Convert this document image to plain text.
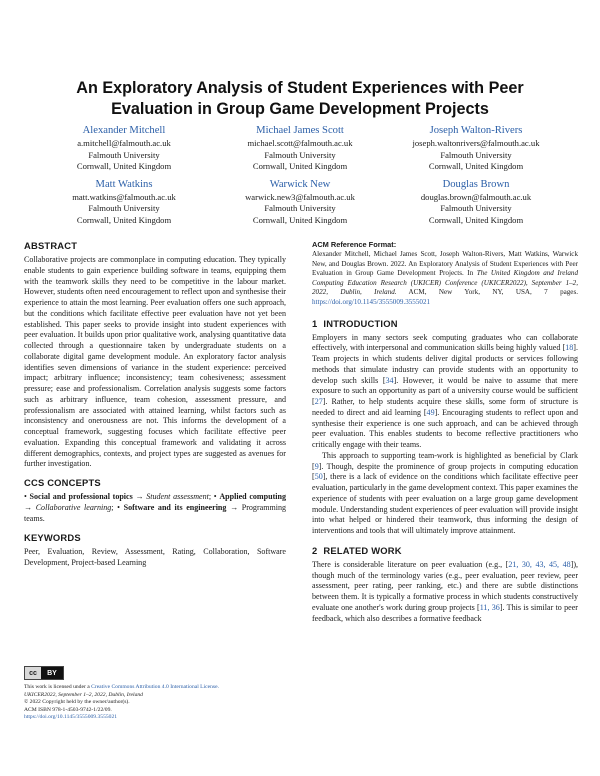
An Exploratory Analysis of Student Experiences with Peer
Evaluation in Group Game Development Projects
Alexander Mitchell
a.mitchell@falmouth.ac.uk
Falmouth University
Cornwall, United Kingdom
Michael James Scott
michael.scott@falmouth.ac.uk
Falmouth University
Cornwall, United Kingdom
Joseph Walton-Rivers
joseph.waltonrivers@falmouth.ac.uk
Falmouth University
Cornwall, United Kingdom
Matt Watkins
matt.watkins@falmouth.ac.uk
Falmouth University
Cornwall, United Kingdom
Warwick New
warwick.new3@falmouth.ac.uk
Falmouth University
Cornwall, United Kingdom
Douglas Brown
douglas.brown@falmouth.ac.uk
Falmouth University
Cornwall, United Kingdom
ABSTRACT
Collaborative projects are commonplace in computing education. They typically enable students to gain experience building software in teams, equipping them with the teamwork skills they need to be competitive in the labour market. However, students often need encouragement to reflect upon and synthesise their experience to attain the most learning. Peer evaluation offers one such approach, but the conditions which facilitate effective peer evaluation have not yet been established. This paper seeks to provide insight into student experiences with peer evaluation. It builds upon prior qualitative work, analysing quantitative data collected through a questionnaire taken by undergraduate students on a collaborate digital game development module. An exploratory factor analysis identifies seven dimensions of variance in the student experience: perceived impact; arbitrary influence; inconsistency; team cohesiveness; assessment pressure; ease and professionalism. Correlation analysis suggests some factors such as arbitrary influence, team cohesion, assessment pressure, and professionalism are associated with attained learning, whilst factors such as inconsistency and onerousness are not. This informs the development of a conceptual framework, suggesting focuses which facilitate effective peer evaluation. Expanding this conceptual framework and validating it across different demographics, contexts, and project types are suggested as avenues for further investigation.
CCS CONCEPTS
• Social and professional topics → Student assessment; • Applied computing → Collaborative learning; • Software and its engineering → Programming teams.
KEYWORDS
Peer, Evaluation, Review, Assessment, Rating, Collaboration, Software Development, Project-based Learning
cc	BY
This work is licensed under a Creative Commons Attribution 4.0 International License.
UKICER2022, September 1–2, 2022, Dublin, Ireland
© 2022 Copyright held by the owner/author(s).
ACM ISBN 978-1-4503-9742-1/22/09.
https://doi.org/10.1145/3555009.3555021
ACM Reference Format:
Alexander Mitchell, Michael James Scott, Joseph Walton-Rivers, Matt Watkins, Warwick New, and Douglas Brown. 2022. An Exploratory Analysis of Student Experiences with Peer Evaluation in Group Game Development Projects. In The United Kingdom and Ireland Computing Education Research (UKICER) Conference (UKICER2022), September 1–2, 2022, Dublin, Ireland. ACM, New York, NY, USA, 7 pages. https://doi.org/10.1145/3555009.3555021
1 INTRODUCTION
Employers in many sectors seek computing graduates who can collaborate effectively, with interpersonal and communication skills being highly valued [18]. Team projects in which students deliver digital products or services following methods that simulate industry can provide students with an opportunity to develop such skills [34]. However, it would be naive to assume that mere exposure to such an opportunity as part of a university course would be sufficient [27]. Rather, to help students acquire these skills, some form of structure is needed to direct and aid learning [49]. Encouraging students to reflect upon and synthesise their experience is one such approach, and can be achieved through peer evaluation. This enables students to become reflective practitioners who critically engage with their teams.
This approach to supporting team-work is highlighted as beneficial by Clark [9]. Though, despite the prominence of group projects in computing education [50], there is a lack of evidence on the conditions which facilitate effective peer evaluation, particularly in the game development context. This paper examines the experience of students with peer evaluation on a large group game development module. Understanding student experiences of peer evaluation will provide insight into what helped or hindered their teamwork, thus informing the design of interventions and tools that will ultimately improve attainment.
2 RELATED WORK
There is considerable literature on peer evaluation (e.g., [21, 30, 43, 45, 48]), though much of the terminology varies (e.g., peer evaluation, peer review, peer assessment, peer rating, peer ranking, etc.) and there are subtle distinctions between them. It is typically a formative process in which students constructively evaluate one another's work during group projects [11, 36]. This is similar to peer feedback, which also describes a formative feedback
